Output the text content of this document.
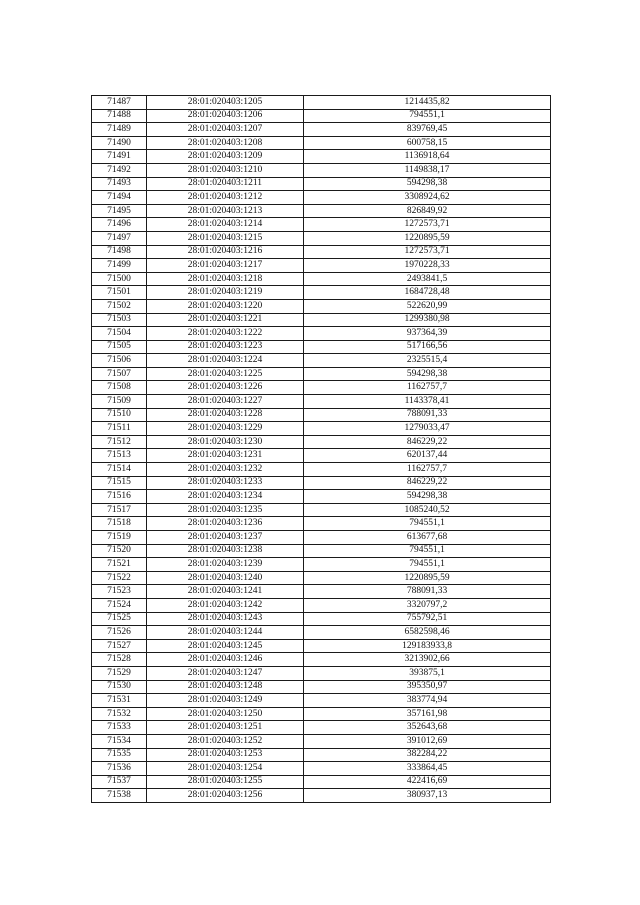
71487	28:01:020403:1205	1214435,82
71488	28:01:020403:1206	794551,1
71489	28:01:020403:1207	839769,45
71490	28:01:020403:1208	600758,15
71491	28:01:020403:1209	1136918,64
71492	28:01:020403:1210	1149838,17
71493	28:01:020403:1211	594298,38
71494	28:01:020403:1212	3308924,62
71495	28:01:020403:1213	826849,92
71496	28:01:020403:1214	1272573,71
71497	28:01:020403:1215	1220895,59
71498	28:01:020403:1216	1272573,71
71499	28:01:020403:1217	1970228,33
71500	28:01:020403:1218	2493841,5
71501	28:01:020403:1219	1684728,48
71502	28:01:020403:1220	522620,99
71503	28:01:020403:1221	1299380,98
71504	28:01:020403:1222	937364,39
71505	28:01:020403:1223	517166,56
71506	28:01:020403:1224	2325515,4
71507	28:01:020403:1225	594298,38
71508	28:01:020403:1226	1162757,7
71509	28:01:020403:1227	1143378,41
71510	28:01:020403:1228	788091,33
71511	28:01:020403:1229	1279033,47
71512	28:01:020403:1230	846229,22
71513	28:01:020403:1231	620137,44
71514	28:01:020403:1232	1162757,7
71515	28:01:020403:1233	846229,22
71516	28:01:020403:1234	594298,38
71517	28:01:020403:1235	1085240,52
71518	28:01:020403:1236	794551,1
71519	28:01:020403:1237	613677,68
71520	28:01:020403:1238	794551,1
71521	28:01:020403:1239	794551,1
71522	28:01:020403:1240	1220895,59
71523	28:01:020403:1241	788091,33
71524	28:01:020403:1242	3320797,2
71525	28:01:020403:1243	755792,51
71526	28:01:020403:1244	6582598,46
71527	28:01:020403:1245	129183933,8
71528	28:01:020403:1246	3213902,66
71529	28:01:020403:1247	393875,1
71530	28:01:020403:1248	395350,97
71531	28:01:020403:1249	383774,94
71532	28:01:020403:1250	357161,98
71533	28:01:020403:1251	352643,68
71534	28:01:020403:1252	391012,69
71535	28:01:020403:1253	382284,22
71536	28:01:020403:1254	333864,45
71537	28:01:020403:1255	422416,69
71538	28:01:020403:1256	380937,13
